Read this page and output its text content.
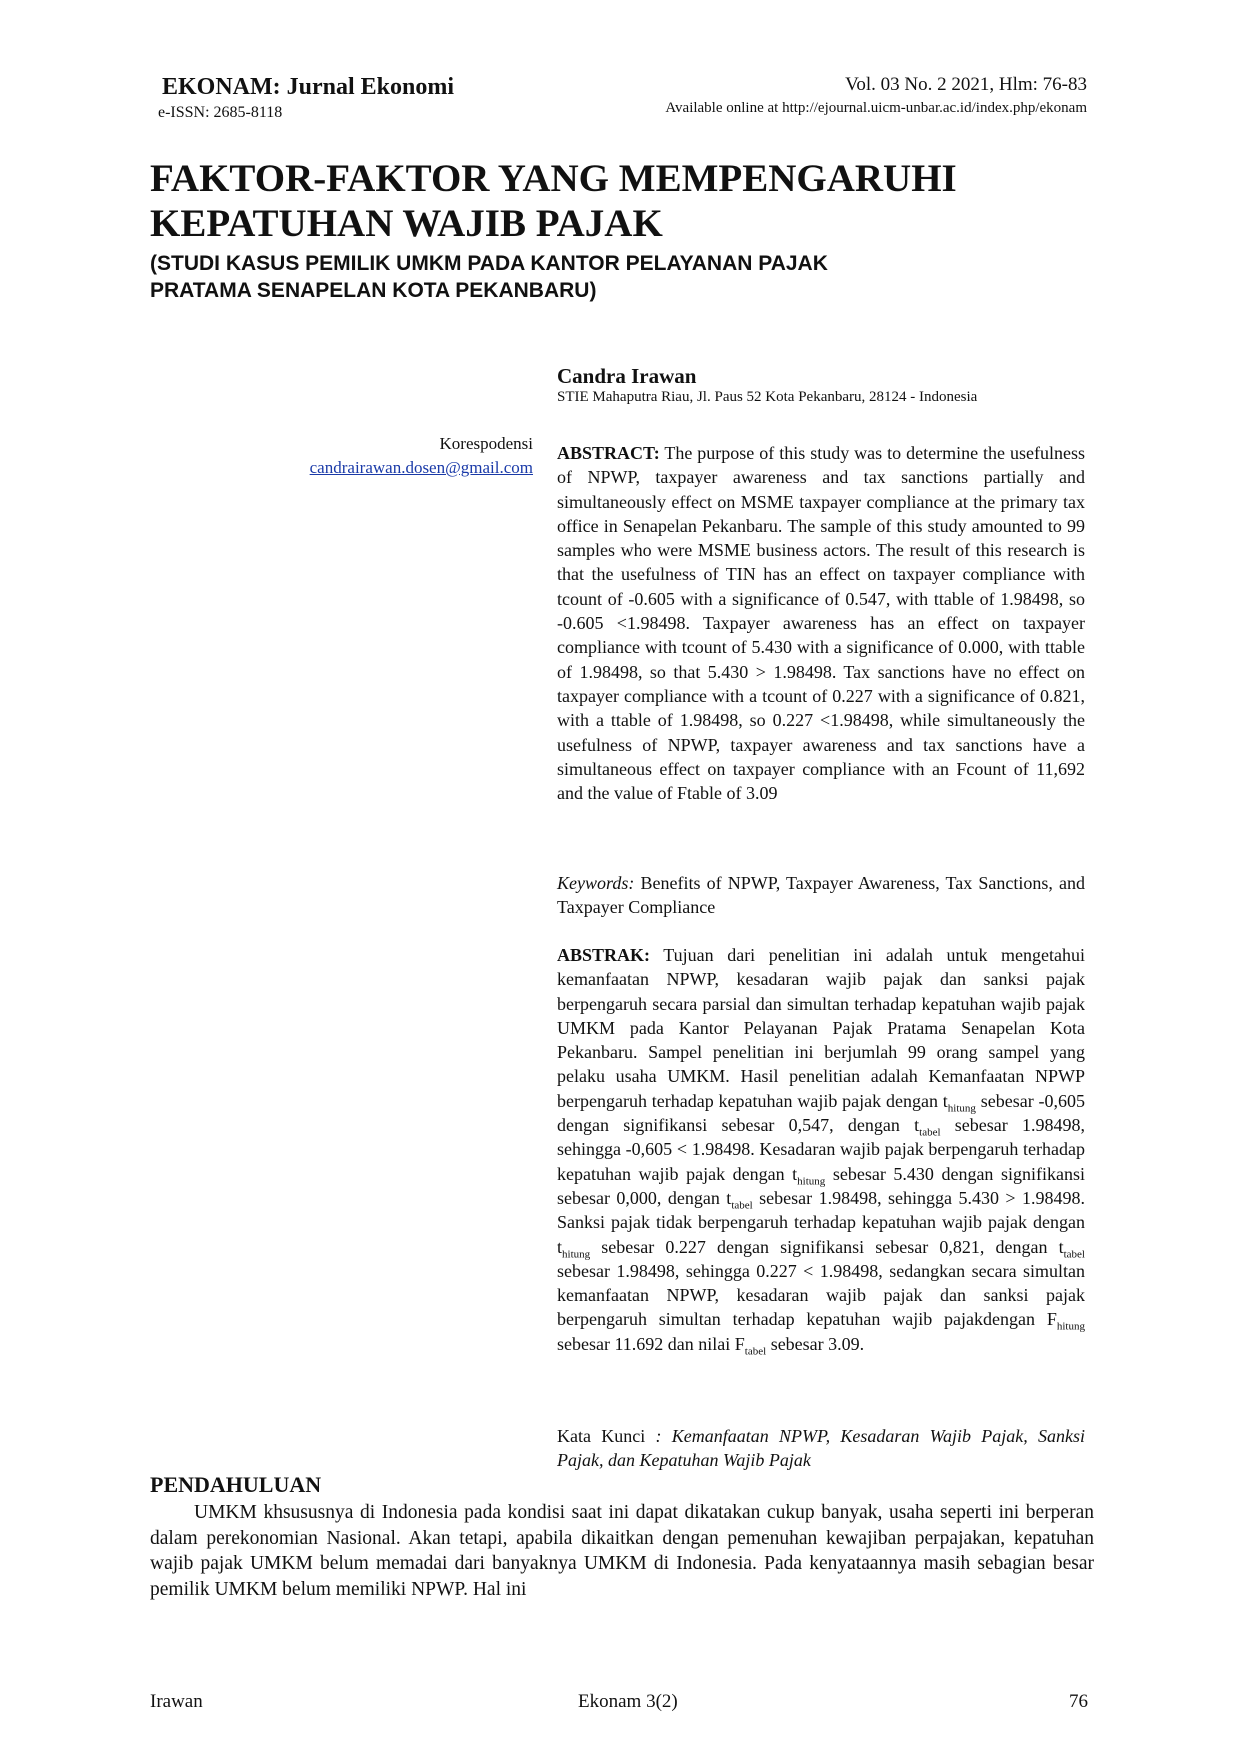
EKONAM: Jurnal Ekonomi
e-ISSN: 2685-8118
Vol. 03 No. 2 2021, Hlm: 76-83
Available online at http://ejournal.uicm-unbar.ac.id/index.php/ekonam
FAKTOR-FAKTOR YANG MEMPENGARUHI
KEPATUHAN WAJIB PAJAK
(STUDI KASUS PEMILIK UMKM PADA KANTOR PELAYANAN PAJAK
PRATAMA SENAPELAN KOTA PEKANBARU)
Candra Irawan
STIE Mahaputra Riau, Jl. Paus 52 Kota Pekanbaru, 28124 - Indonesia
Korespodensi
candrairawan.dosen@gmail.com
ABSTRACT: The purpose of this study was to determine the usefulness of NPWP, taxpayer awareness and tax sanctions partially and simultaneously effect on MSME taxpayer compliance at the primary tax office in Senapelan Pekanbaru. The sample of this study amounted to 99 samples who were MSME business actors. The result of this research is that the usefulness of TIN has an effect on taxpayer compliance with tcount of -0.605 with a significance of 0.547, with ttable of 1.98498, so -0.605 <1.98498. Taxpayer awareness has an effect on taxpayer compliance with tcount of 5.430 with a significance of 0.000, with ttable of 1.98498, so that 5.430 > 1.98498. Tax sanctions have no effect on taxpayer compliance with a tcount of 0.227 with a significance of 0.821, with a ttable of 1.98498, so 0.227 <1.98498, while simultaneously the usefulness of NPWP, taxpayer awareness and tax sanctions have a simultaneous effect on taxpayer compliance with an Fcount of 11,692 and the value of Ftable of 3.09
Keywords: Benefits of NPWP, Taxpayer Awareness, Tax Sanctions, and Taxpayer Compliance
ABSTRAK: Tujuan dari penelitian ini adalah untuk mengetahui kemanfaatan NPWP, kesadaran wajib pajak dan sanksi pajak berpengaruh secara parsial dan simultan terhadap kepatuhan wajib pajak UMKM pada Kantor Pelayanan Pajak Pratama Senapelan Kota Pekanbaru. Sampel penelitian ini berjumlah 99 orang sampel yang pelaku usaha UMKM. Hasil penelitian adalah Kemanfaatan NPWP berpengaruh terhadap kepatuhan wajib pajak dengan $t_{hitung}$ sebesar -0,605 dengan signifikansi sebesar 0,547, dengan $t_{tabel}$ sebesar 1.98498, sehingga -0,605 < 1.98498. Kesadaran wajib pajak berpengaruh terhadap kepatuhan wajib pajak dengan $t_{hitung}$ sebesar 5.430 dengan signifikansi sebesar 0,000, dengan $t_{tabel}$ sebesar 1.98498, sehingga 5.430 > 1.98498. Sanksi pajak tidak berpengaruh terhadap kepatuhan wajib pajak dengan $t_{hitung}$ sebesar 0.227 dengan signifikansi sebesar 0,821, dengan $t_{tabel}$ sebesar 1.98498, sehingga 0.227 < 1.98498, sedangkan secara simultan kemanfaatan NPWP, kesadaran wajib pajak dan sanksi pajak berpengaruh simultan terhadap kepatuhan wajib pajakdengan $F_{hitung}$ sebesar 11.692 dan nilai $F_{tabel}$ sebesar 3.09.
Kata Kunci : Kemanfaatan NPWP, Kesadaran Wajib Pajak, Sanksi Pajak, dan Kepatuhan Wajib Pajak
PENDAHULUAN

UMKM khsususnya di Indonesia pada kondisi saat ini dapat dikatakan cukup banyak, usaha seperti ini berperan dalam perekonomian Nasional. Akan tetapi, apabila dikaitkan dengan pemenuhan kewajiban perpajakan, kepatuhan wajib pajak UMKM belum memadai dari banyaknya UMKM di Indonesia. Pada kenyataannya masih sebagian besar pemilik UMKM belum memiliki NPWP. Hal ini

Irawan	Ekonam 3(2)	76
